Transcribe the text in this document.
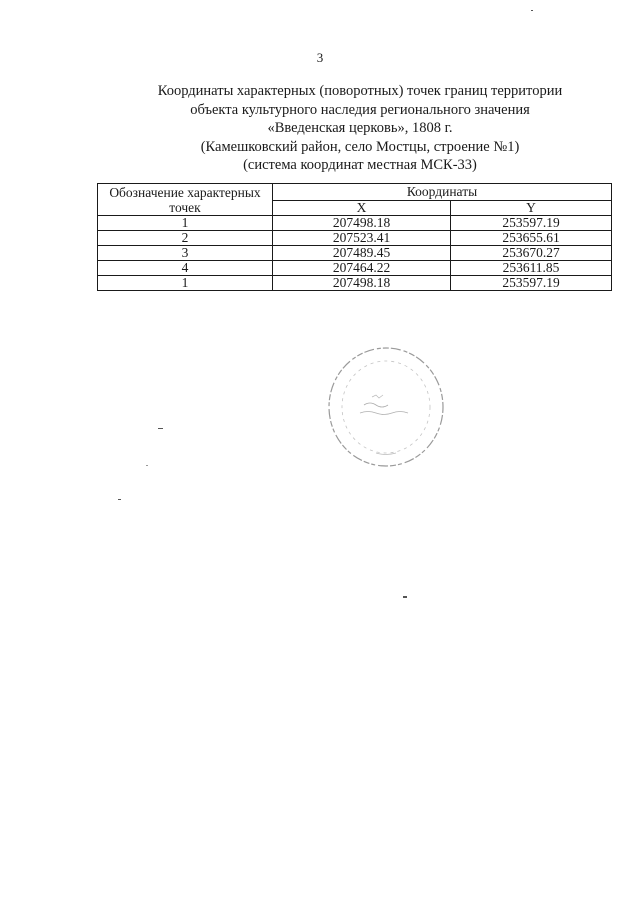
3
Координаты характерных (поворотных) точек границ территории
объекта культурного наследия регионального значения
«Введенская церковь», 1808 г.
(Камешковский район, село Мостцы, строение №1)
(система координат местная МСК-33)
Обозначение характерных точек	Координаты	
	X	Y
1	207498.18	253597.19
2	207523.41	253655.61
3	207489.45	253670.27
4	207464.22	253611.85
1	207498.18	253597.19
